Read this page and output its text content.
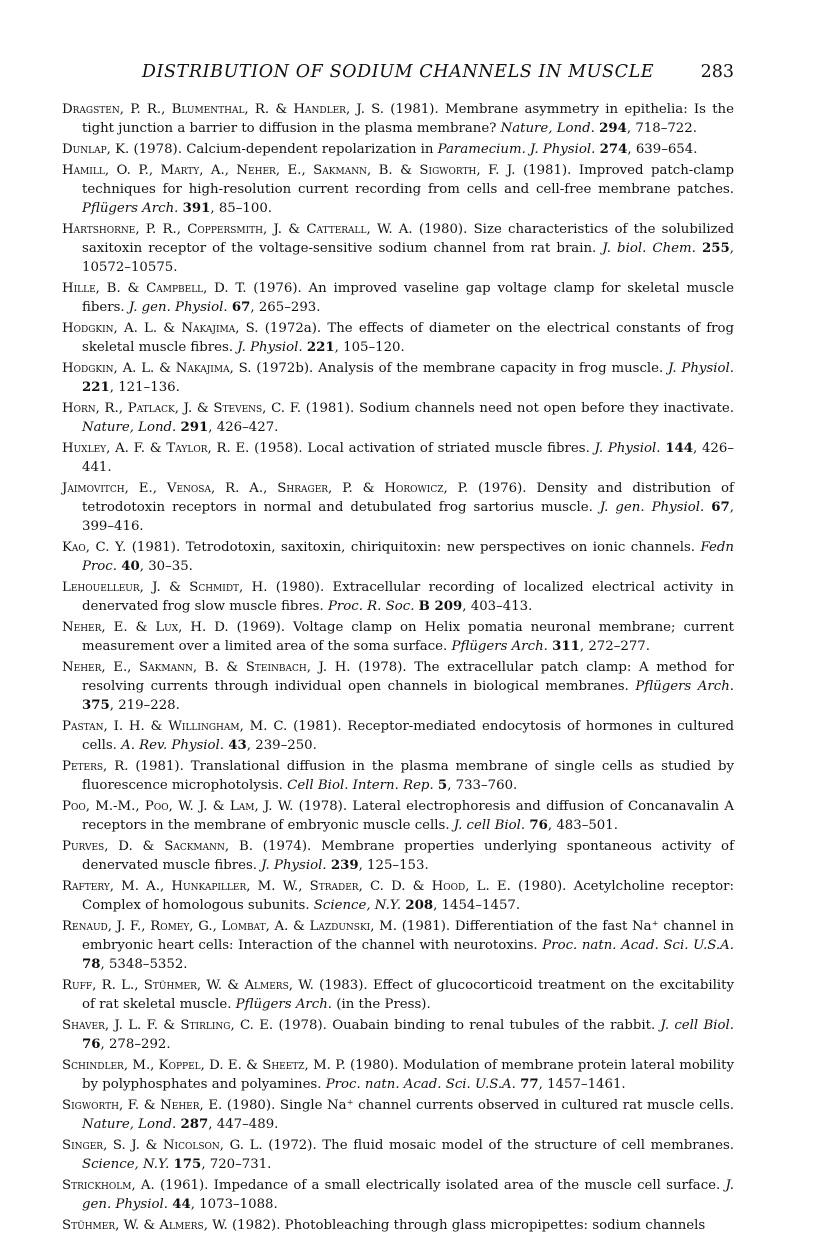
DISTRIBUTION OF SODIUM CHANNELS IN MUSCLE	283
Dragsten, P. R., Blumenthal, R. & Handler, J. S. (1981). Membrane asymmetry in epithelia: Is the tight junction a barrier to diffusion in the plasma membrane? Nature, Lond. 294, 718–722.
Dunlap, K. (1978). Calcium-dependent repolarization in Paramecium. J. Physiol. 274, 639–654.
Hamill, O. P., Marty, A., Neher, E., Sakmann, B. & Sigworth, F. J. (1981). Improved patch-clamp techniques for high-resolution current recording from cells and cell-free membrane patches. Pflügers Arch. 391, 85–100.
Hartshorne, P. R., Coppersmith, J. & Catterall, W. A. (1980). Size characteristics of the solubilized saxitoxin receptor of the voltage-sensitive sodium channel from rat brain. J. biol. Chem. 255, 10572–10575.
Hille, B. & Campbell, D. T. (1976). An improved vaseline gap voltage clamp for skeletal muscle fibers. J. gen. Physiol. 67, 265–293.
Hodgkin, A. L. & Nakajima, S. (1972a). The effects of diameter on the electrical constants of frog skeletal muscle fibres. J. Physiol. 221, 105–120.
Hodgkin, A. L. & Nakajima, S. (1972b). Analysis of the membrane capacity in frog muscle. J. Physiol. 221, 121–136.
Horn, R., Patlack, J. & Stevens, C. F. (1981). Sodium channels need not open before they inactivate. Nature, Lond. 291, 426–427.
Huxley, A. F. & Taylor, R. E. (1958). Local activation of striated muscle fibres. J. Physiol. 144, 426–441.
Jaimovitch, E., Venosa, R. A., Shrager, P. & Horowicz, P. (1976). Density and distribution of tetrodotoxin receptors in normal and detubulated frog sartorius muscle. J. gen. Physiol. 67, 399–416.
Kao, C. Y. (1981). Tetrodotoxin, saxitoxin, chiriquitoxin: new perspectives on ionic channels. Fedn Proc. 40, 30–35.
Lehouelleur, J. & Schmidt, H. (1980). Extracellular recording of localized electrical activity in denervated frog slow muscle fibres. Proc. R. Soc. B 209, 403–413.
Neher, E. & Lux, H. D. (1969). Voltage clamp on Helix pomatia neuronal membrane; current measurement over a limited area of the soma surface. Pflügers Arch. 311, 272–277.
Neher, E., Sakmann, B. & Steinbach, J. H. (1978). The extracellular patch clamp: A method for resolving currents through individual open channels in biological membranes. Pflügers Arch. 375, 219–228.
Pastan, I. H. & Willingham, M. C. (1981). Receptor-mediated endocytosis of hormones in cultured cells. A. Rev. Physiol. 43, 239–250.
Peters, R. (1981). Translational diffusion in the plasma membrane of single cells as studied by fluorescence microphotolysis. Cell Biol. Intern. Rep. 5, 733–760.
Poo, M.-M., Poo, W. J. & Lam, J. W. (1978). Lateral electrophoresis and diffusion of Concanavalin A receptors in the membrane of embryonic muscle cells. J. cell Biol. 76, 483–501.
Purves, D. & Sackmann, B. (1974). Membrane properties underlying spontaneous activity of denervated muscle fibres. J. Physiol. 239, 125–153.
Raftery, M. A., Hunkapiller, M. W., Strader, C. D. & Hood, L. E. (1980). Acetylcholine receptor: Complex of homologous subunits. Science, N.Y. 208, 1454–1457.
Renaud, J. F., Romey, G., Lombat, A. & Lazdunski, M. (1981). Differentiation of the fast Na⁺ channel in embryonic heart cells: Interaction of the channel with neurotoxins. Proc. natn. Acad. Sci. U.S.A. 78, 5348–5352.
Ruff, R. L., Stühmer, W. & Almers, W. (1983). Effect of glucocorticoid treatment on the excitability of rat skeletal muscle. Pflügers Arch. (in the Press).
Shaver, J. L. F. & Stirling, C. E. (1978). Ouabain binding to renal tubules of the rabbit. J. cell Biol. 76, 278–292.
Schindler, M., Koppel, D. E. & Sheetz, M. P. (1980). Modulation of membrane protein lateral mobility by polyphosphates and polyamines. Proc. natn. Acad. Sci. U.S.A. 77, 1457–1461.
Sigworth, F. & Neher, E. (1980). Single Na⁺ channel currents observed in cultured rat muscle cells. Nature, Lond. 287, 447–489.
Singer, S. J. & Nicolson, G. L. (1972). The fluid mosaic model of the structure of cell membranes. Science, N.Y. 175, 720–731.
Strickholm, A. (1961). Impedance of a small electrically isolated area of the muscle cell surface. J. gen. Physiol. 44, 1073–1088.
Stühmer, W. & Almers, W. (1982). Photobleaching through glass micropipettes: sodium channels
